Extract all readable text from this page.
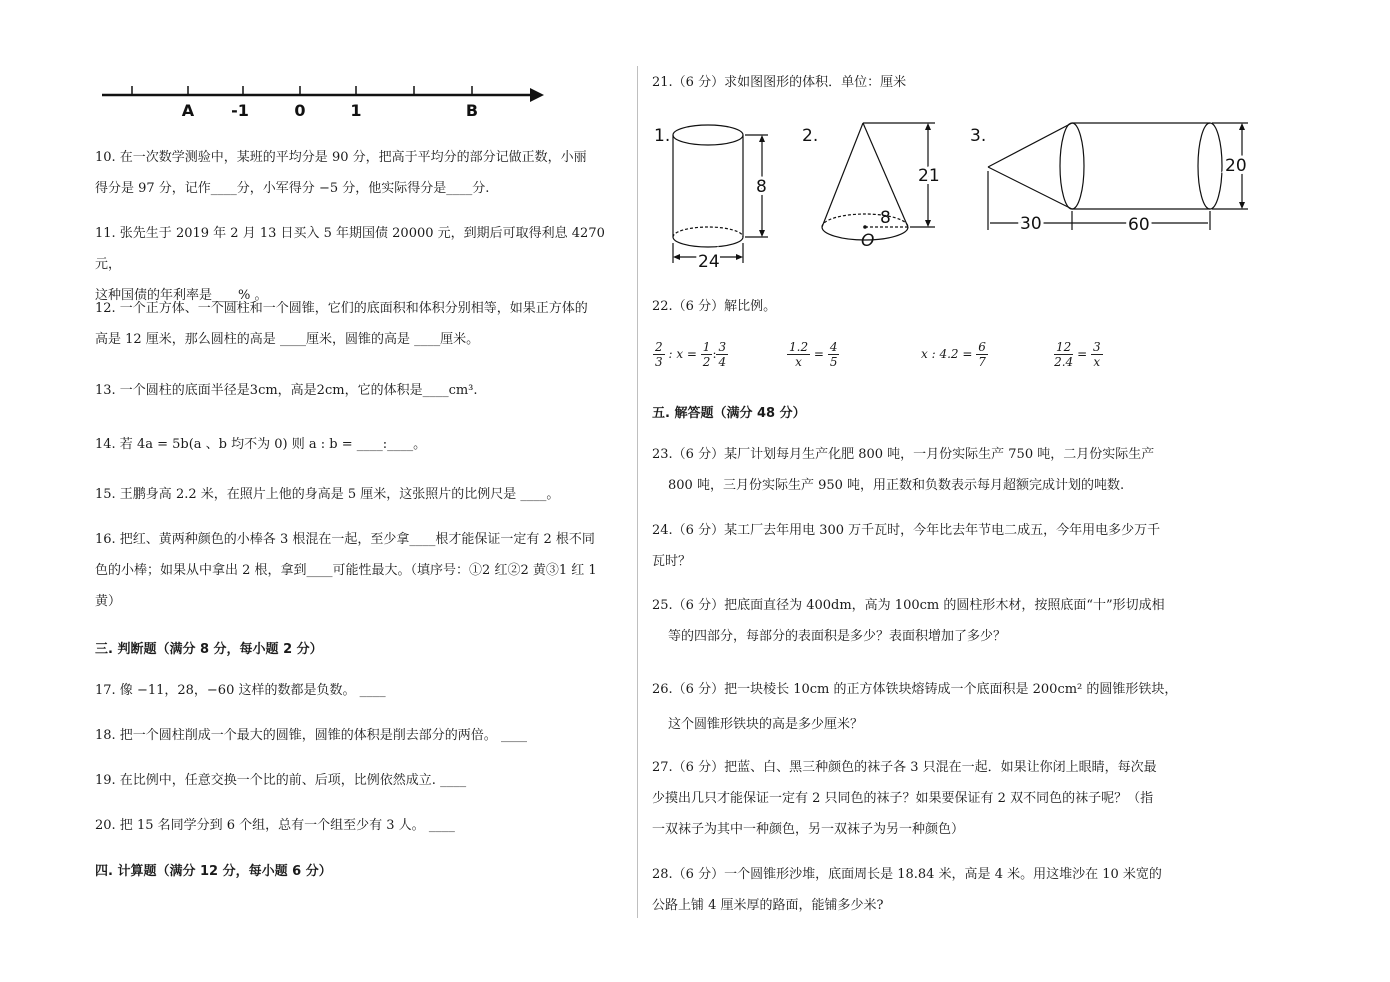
A -1	0	1	B

10. 在一次数学测验中，某班的平均分是 90 分，把高于平均分的部分记做正数，小丽

得分是 97 分，记作____分，小军得分 −5 分，他实际得分是____分.

11. 张先生于 2019 年 2 月 13 日买入 5 年期国债 20000 元，到期后可取得利息 4270 元，

这种国债的年利率是____% 。

12. 一个正方体、一个圆柱和一个圆锥，它们的底面积和体积分别相等，如果正方体的

高是 12 厘米，那么圆柱的高是 ____厘米，圆锥的高是 ____厘米。

13. 一个圆柱的底面半径是3cm，高是2cm，它的体积是____cm³.

14. 若 4a = 5b(a 、b 均不为 0) 则 a : b = ____:____。

15. 王鹏身高 2.2 米，在照片上他的身高是 5 厘米，这张照片的比例尺是 ____。

16. 把红、黄两种颜色的小棒各 3 根混在一起，至少拿____根才能保证一定有 2 根不同

色的小棒；如果从中拿出 2 根，拿到____可能性最大。（填序号：①2 红②2 黄③1 红 1

黄）

三. 判断题（满分 8 分，每小题 2 分）

17. 像 −11，28，−60 这样的数都是负数。 ____

18. 把一个圆柱削成一个最大的圆锥，圆锥的体积是削去部分的两倍。 ____

19. 在比例中，任意交换一个比的前、后项，比例依然成立. ____

20. 把 15 名同学分到 6 个组，总有一个组至少有 3 人。 ____

四. 计算题（满分 12 分，每小题 6 分）

21.（6 分）求如图图形的体积．单位：厘米

1.	2.	3.
8
24
21
8
O
20
30	60

22.（6 分）解比例。

$\frac{2}{3}$ : $x = \frac{1}{2}$ : $\frac{3}{4}$	$\frac{1.2}{x} = \frac{4}{5}$	x : $4.2 = \frac{6}{7}$	$\frac{12}{2.4} = \frac{3}{x}$
五. 解答题（满分 48 分）

23.（6 分）某厂计划每月生产化肥 800 吨，一月份实际生产 750 吨，二月份实际生产

800 吨，三月份实际生产 950 吨，用正数和负数表示每月超额完成计划的吨数.

24.（6 分）某工厂去年用电 300 万千瓦时，今年比去年节电二成五，今年用电多少万千

瓦时？

25.（6 分）把底面直径为 400dm，高为 100cm 的圆柱形木材，按照底面“十”形切成相

等的四部分，每部分的表面积是多少？表面积增加了多少？

26.（6 分）把一块棱长 10cm 的正方体铁块熔铸成一个底面积是 200cm² 的圆锥形铁块，

这个圆锥形铁块的高是多少厘米？

27.（6 分）把蓝、白、黑三种颜色的袜子各 3 只混在一起．如果让你闭上眼睛，每次最

少摸出几只才能保证一定有 2 只同色的袜子？如果要保证有 2 双不同色的袜子呢？（指

一双袜子为其中一种颜色，另一双袜子为另一种颜色）

28.（6 分）一个圆锥形沙堆，底面周长是 18.84 米，高是 4 米。用这堆沙在 10 米宽的

公路上铺 4 厘米厚的路面，能铺多少米?
